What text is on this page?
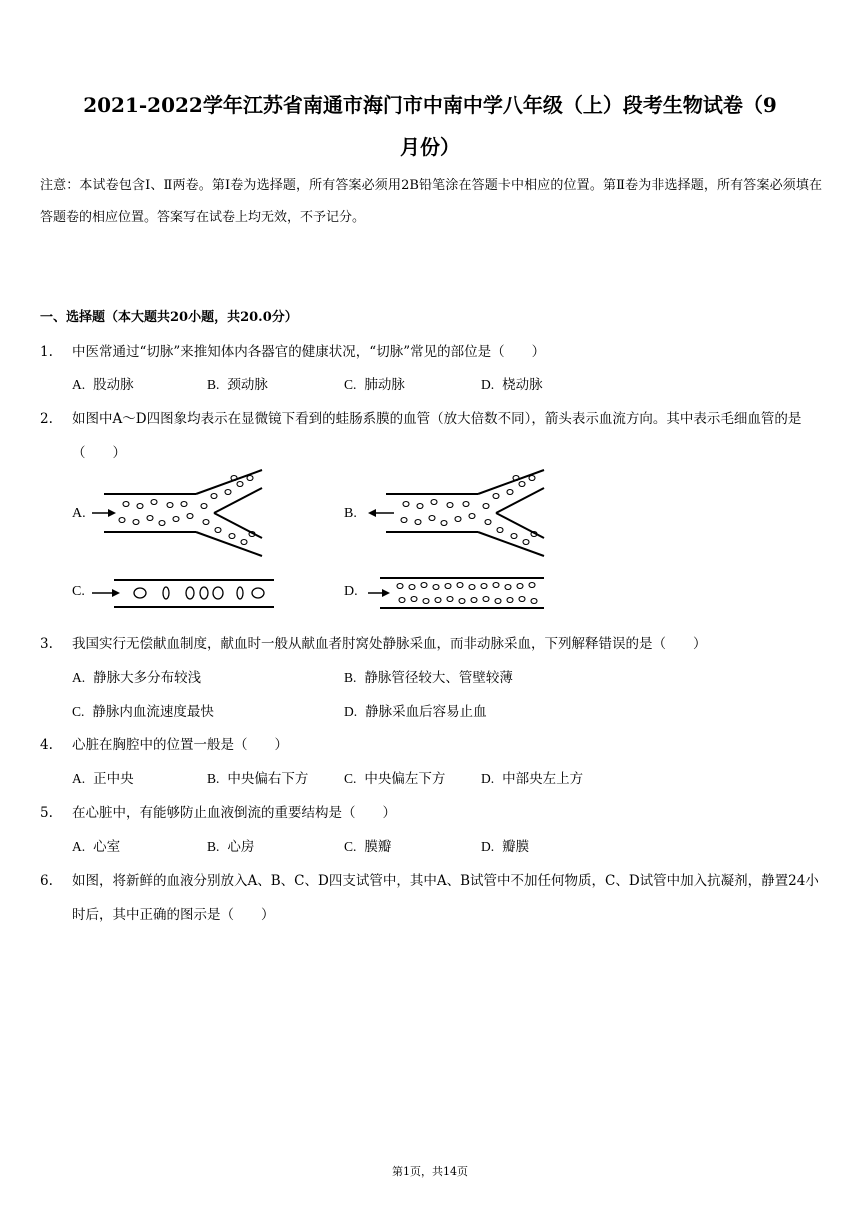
2021-2022学年江苏省南通市海门市中南中学八年级（上）段考生物试卷（9
月份）
注意：本试卷包含Ⅰ、Ⅱ两卷。第Ⅰ卷为选择题，所有答案必须用2B铅笔涂在答题卡中相应的位置。第Ⅱ卷为非选择题，所有答案必须填在答题卷的相应位置。答案写在试卷上均无效，不予记分。
一、选择题（本大题共20小题，共20.0分）
1.	中医常通过“切脉”来推知体内各器官的健康状况，“切脉”常见的部位是（　　）
A. 股动脉	B. 颈动脉	C. 肺动脉	D. 桡动脉
2.	如图中A～D四图象均表示在显微镜下看到的蛙肠系膜的血管（放大倍数不同），箭头表示血流方向。其中表示毛细血管的是（　　）
A.	B.
C.	D.
3.	我国实行无偿献血制度，献血时一般从献血者肘窝处静脉采血，而非动脉采血，下列解释错误的是（　　）
A. 静脉大多分布较浅	B. 静脉管径较大、管壁较薄
C. 静脉内血流速度最快	D. 静脉采血后容易止血
4.	心脏在胸腔中的位置一般是（　　）
A. 正中央	B. 中央偏右下方	C. 中央偏左下方	D. 中部央左上方
5.	在心脏中，有能够防止血液倒流的重要结构是（　　）
A. 心室	B. 心房	C. 膜瓣	D. 瓣膜
6.	如图，将新鲜的血液分别放入A、B、C、D四支试管中，其中A、B试管中不加任何物质，C、D试管中加入抗凝剂，静置24小时后，其中正确的图示是（　　）
第1页，共14页
